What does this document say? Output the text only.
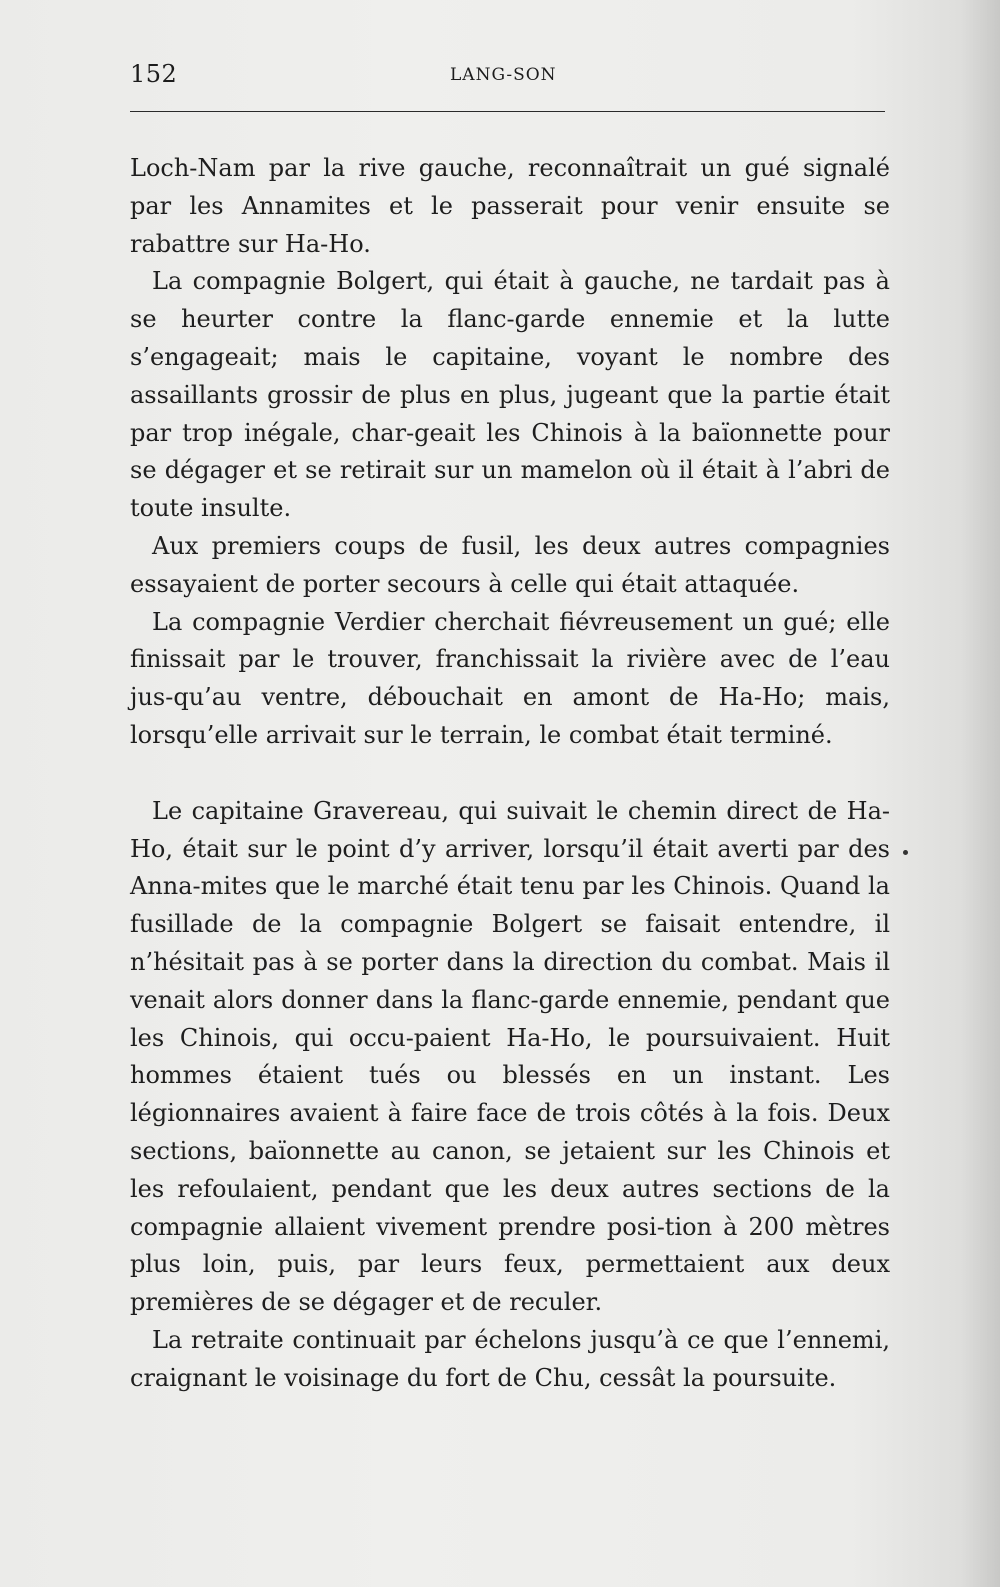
152	LANG-SON

Loch-Nam par la rive gauche, reconnaîtrait un gué signalé par les Annamites et le passerait pour venir ensuite se rabattre sur Ha-Ho.

La compagnie Bolgert, qui était à gauche, ne tardait pas à se heurter contre la flanc-garde ennemie et la lutte s’engageait; mais le capitaine, voyant le nombre des assaillants grossir de plus en plus, jugeant que la partie était par trop inégale, char-geait les Chinois à la baïonnette pour se dégager et se retirait sur un mamelon où il était à l’abri de toute insulte.

Aux premiers coups de fusil, les deux autres compagnies essayaient de porter secours à celle qui était attaquée.

La compagnie Verdier cherchait fiévreusement un gué; elle finissait par le trouver, franchissait la rivière avec de l’eau jus-qu’au ventre, débouchait en amont de Ha-Ho; mais, lorsqu’elle arrivait sur le terrain, le combat était terminé.

Le capitaine Gravereau, qui suivait le chemin direct de Ha-Ho, était sur le point d’y arriver, lorsqu’il était averti par des Anna-mites que le marché était tenu par les Chinois. Quand la fusillade de la compagnie Bolgert se faisait entendre, il n’hésitait pas à se porter dans la direction du combat. Mais il venait alors donner dans la flanc-garde ennemie, pendant que les Chinois, qui occu-paient Ha-Ho, le poursuivaient. Huit hommes étaient tués ou blessés en un instant. Les légionnaires avaient à faire face de trois côtés à la fois. Deux sections, baïonnette au canon, se jetaient sur les Chinois et les refoulaient, pendant que les deux autres sections de la compagnie allaient vivement prendre posi-tion à 200 mètres plus loin, puis, par leurs feux, permettaient aux deux premières de se dégager et de reculer.

La retraite continuait par échelons jusqu’à ce que l’ennemi, craignant le voisinage du fort de Chu, cessât la poursuite.
